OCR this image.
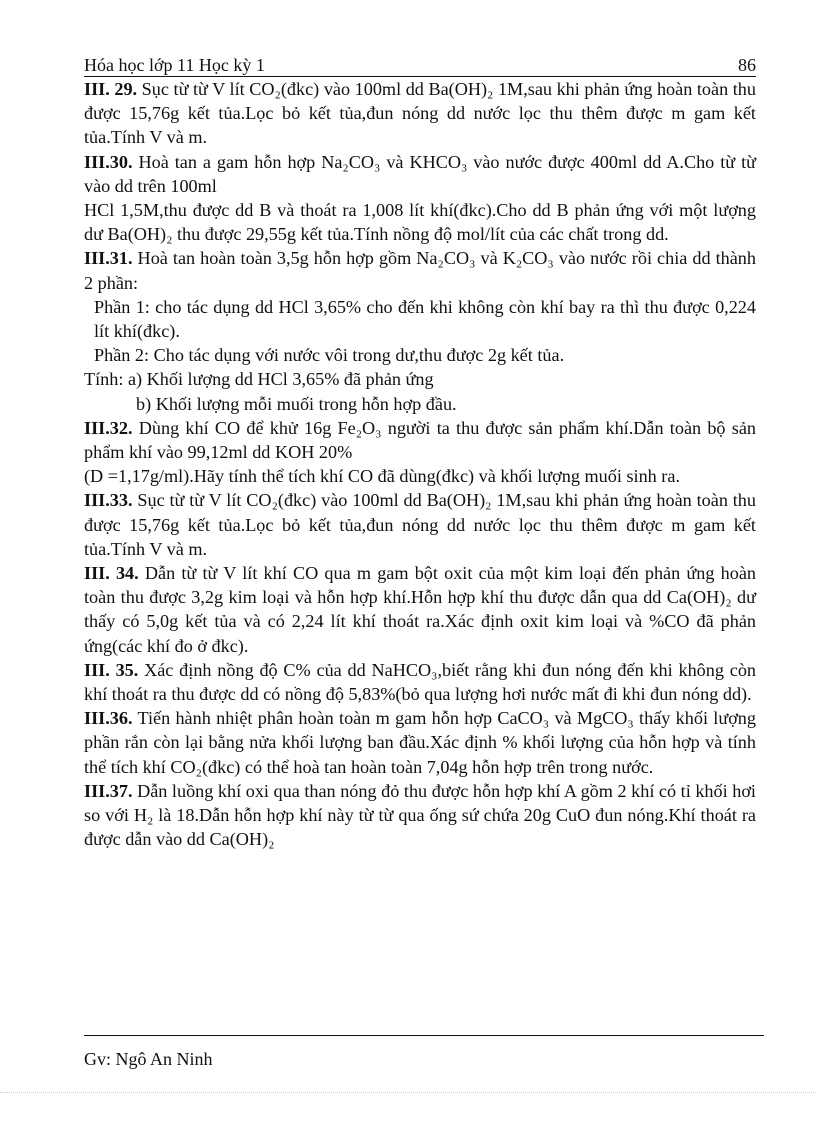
Hóa học lớp 11 Học kỳ 1	86

III. 29. Sục từ từ V lít CO₂(đkc) vào 100ml dd Ba(OH)₂ 1M,sau khi phản ứng hoàn toàn thu được 15,76g kết tủa.Lọc bỏ kết tủa,đun nóng dd nước lọc thu thêm được m gam kết tủa.Tính V và m.

III.30. Hoà tan a gam hỗn hợp Na₂CO₃ và KHCO₃ vào nước được 400ml dd A.Cho từ từ vào dd trên 100ml

HCl 1,5M,thu được dd B và thoát ra 1,008 lít khí(đkc).Cho dd B phản ứng với một lượng dư Ba(OH)₂ thu được 29,55g kết tủa.Tính nồng độ mol/lít của các chất trong dd.

III.31. Hoà tan hoàn toàn 3,5g hỗn hợp gồm Na₂CO₃ và K₂CO₃ vào nước rồi chia dd thành 2 phần:

Phần 1: cho tác dụng dd HCl 3,65% cho đến khi không còn khí bay ra thì thu được 0,224 lít khí(đkc).

Phần 2: Cho tác dụng với nước vôi trong dư,thu được 2g kết tủa.

Tính: a) Khối lượng dd HCl 3,65% đã phản ứng

b) Khối lượng mỗi muối trong hỗn hợp đầu.

III.32. Dùng khí CO để khử 16g Fe₂O₃ người ta thu được sản phẩm khí.Dẫn toàn bộ sản phẩm khí vào 99,12ml dd KOH 20%

(D =1,17g/ml).Hãy tính thể tích khí CO đã dùng(đkc) và khối lượng muối sinh ra.

III.33. Sục từ từ V lít CO₂(đkc) vào 100ml dd Ba(OH)₂ 1M,sau khi phản ứng hoàn toàn thu được 15,76g kết tủa.Lọc bỏ kết tủa,đun nóng dd nước lọc thu thêm được m gam kết tủa.Tính V và m.

III. 34. Dẫn từ từ V lít khí CO qua m gam bột oxit của một kim loại đến phản ứng hoàn toàn thu được 3,2g kim loại và hỗn hợp khí.Hỗn hợp khí thu được dẫn qua dd Ca(OH)₂ dư thấy có 5,0g kết tủa và có 2,24 lít khí thoát ra.Xác định oxit kim loại và %CO đã phản ứng(các khí đo ở đkc).

III. 35. Xác định nồng độ C% của dd NaHCO₃,biết rằng khi đun nóng đến khi không còn khí thoát ra thu được dd có nồng độ 5,83%(bỏ qua lượng hơi nước mất đi khi đun nóng dd).

III.36. Tiến hành nhiệt phân hoàn toàn m gam hỗn hợp CaCO₃ và MgCO₃ thấy khối lượng phần rắn còn lại bằng nửa khối lượng ban đầu.Xác định % khối lượng của hỗn hợp và tính thể tích khí CO₂(đkc) có thể hoà tan hoàn toàn 7,04g hỗn hợp trên trong nước.

III.37. Dẫn luồng khí oxi qua than nóng đỏ thu được hỗn hợp khí A gồm 2 khí có tỉ khối hơi so với H₂ là 18.Dẫn hỗn hợp khí này từ từ qua ống sứ chứa 20g CuO đun nóng.Khí thoát ra được dẫn vào dd Ca(OH)₂

Gv: Ngô An Ninh
